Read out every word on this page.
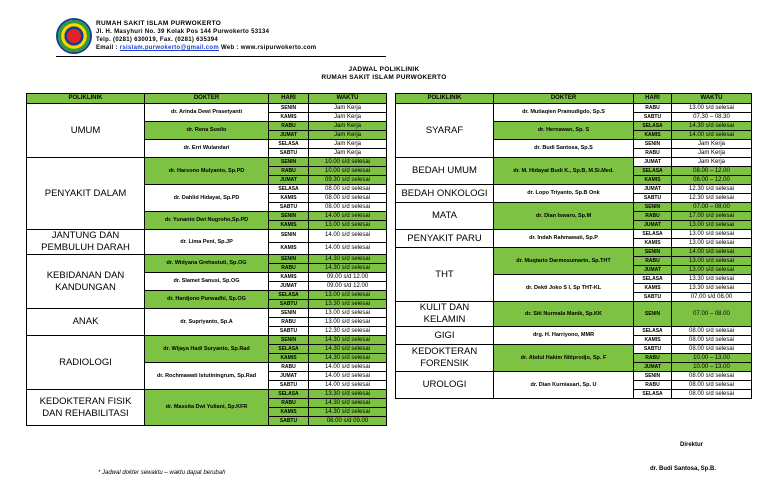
RUMAH SAKIT ISLAM PURWOKERTO
Jl. H. Masyhuri No. 39 Kolak Pos 144 Purwokerto 53134
Telp. (0281) 630019, Fax. (0281) 635394
Email : rsislam.purwokerto@gmail.com Web : www.rsipurwokerto.com
JADWAL POLIKLINIK
RUMAH SAKIT ISLAM PURWOKERTO
POLIKLINIK	DOKTER	HARI	WAKTU
UMUM	dr. Arinda Dewi Prasetyanti	SENIN	Jam Kerja
		KAMIS	Jam Kerja
	dr. Rena Susilo	RABU	Jam Kerja
		JUMAT	Jam Kerja
	dr. Erri Wulandari	SELASA	Jam Kerja
		SABTU	Jam Kerja
PENYAKIT DALAM	dr. Harsono Mulyanto, Sp.PD	SENIN	10.00 s/d selesai
		RABU	10.00 s/d selesai
		JUMAT	09.30 s/d selesai
	dr. Dahlid Hidayat, Sp.PD	SELASA	08.00 s/d selesai
		KAMIS	08.00 s/d selesai
		SABTU	08.00 s/d selesai
	dr. Yunanto Dwi Nugroho,Sp.PD	SENIN	14.00 s/d selesai
		KAMIS	13.00 s/d selesai
JANTUNG DAN PEMBULUH DARAH	dr. Lima Peni, Sp.JP	SENIN	14.00 s/d selesai
		KAMIS	14.00 s/d selesai
KEBIDANAN DAN KANDUNGAN	dr. Widyana Grehastuti, Sp.OG	SENIN	14.30 s/d selesai
		RABU	14.30 s/d selesai
	dr. Slamet Sanusi, Sp.OG	KAMIS	09.00 s/d 12.00
		JUMAT	09.00 s/d 12.00
	dr. Hardjono Purwadhi, Sp.OG	SELASA	13.00 s/d selesai
		SABTU	13.30 s/d selesai
ANAK	dr. Supriyanto, Sp.A	SENIN	13.00 s/d selesai
		RABU	13.00 s/d selesai
		SABTU	12.30 s/d selesai
RADIOLOGI	dr. Wijaya Hadi Suryanto, Sp.Rad	SENIN	14.30 s/d selesai
		SELASA	14.30 s/d selesai
		KAMIS	14.30 s/d selesai
	dr. Rochmawati Istutiningrum, Sp.Rad	RABU	14.00 s/d selesai
		JUMAT	14.00 s/d selesai
		SABTU	14.00 s/d selesai
KEDOKTERAN FISIK DAN REHABILITASI	dr. Massita Dwi Yuliani, Sp.KFR	SELASA	13.30 s/d selesai
		RABU	14.30 s/d selesai
		KAMIS	14.30 s/d selesai
		SABTU	08.00 s/d 09.00
POLIKLINIK	DOKTER	HARI	WAKTU
SYARAF	dr. Mutiaqien Pramudigdo, Sp.S	RABU	13.00 s/d selesai
		SABTU	07.30 – 08.30
	dr. Hernawan, Sp. S	SELASA	14.30 s/d selesai
		KAMIS	14.00 s/d selesai
	dr. Budi Santosa, Sp.S	SENIN	Jam Kerja
		RABU	Jam Kerja
BEDAH UMUM	dr. M. Hidayat Budi K., Sp.B, M.Si.Med.	JUMAT	Jam Kerja
		SELASA	08.00 – 12.00
		KAMIS	08.00 – 12.00
BEDAH ONKOLOGI	dr. Lopo Triyanto, Sp.B Onk	JUMAT	12.30 s/d selesai
		SABTU	12.30 s/d selesai
MATA	dr. Dian Iswaro, Sp.M	SENIN	07.00 – 08.00
		RABU	17.00 s/d selesai
		JUMAT	13.00 s/d selesai
PENYAKIT PARU	dr. Indah Rahmawati, Sp.P	SELASA	13.00 s/d selesai
		KAMIS	13.00 s/d selesai
THT	dr. Muqtario Darmosumarto, Sp.THT	SENIN	14.00 s/d selesai
		RABU	13.00 s/d selesai
		JUMAT	13.00 s/d selesai
	dr. Dekti Joko S I, Sp THT-KL	SELASA	13.30 s/d selesai
		KAMIS	13.30 s/d selesai
		SABTU	07.00 s/d 08.00
KULIT DAN KELAMIN	dr. Siti Nurmala Manik, Sp.KK	SENIN	07.00 – 08.00
GIGI	drg. H. Harriyono, MMR	SELASA	08.00 s/d selesai
		KAMIS	08.00 s/d selesai
KEDOKTERAN FORENSIK	dr. Abdul Hakim Nitiprodjo, Sp. F	SABTU	08.00 s/d selesai
		RABU	10.00 – 13.00
		JUMAT	10.00 – 13.00
UROLOGI	dr. Dian Kurniasari, Sp. U	SENIN	08.00 s/d selesai
		RABU	08.00 s/d selesai
		SELASA	08.00 s/d selesai
* Jadwal dokter sewaktu – waktu dapat berubah
Direktur
dr. Budi Santosa, Sp.B.
